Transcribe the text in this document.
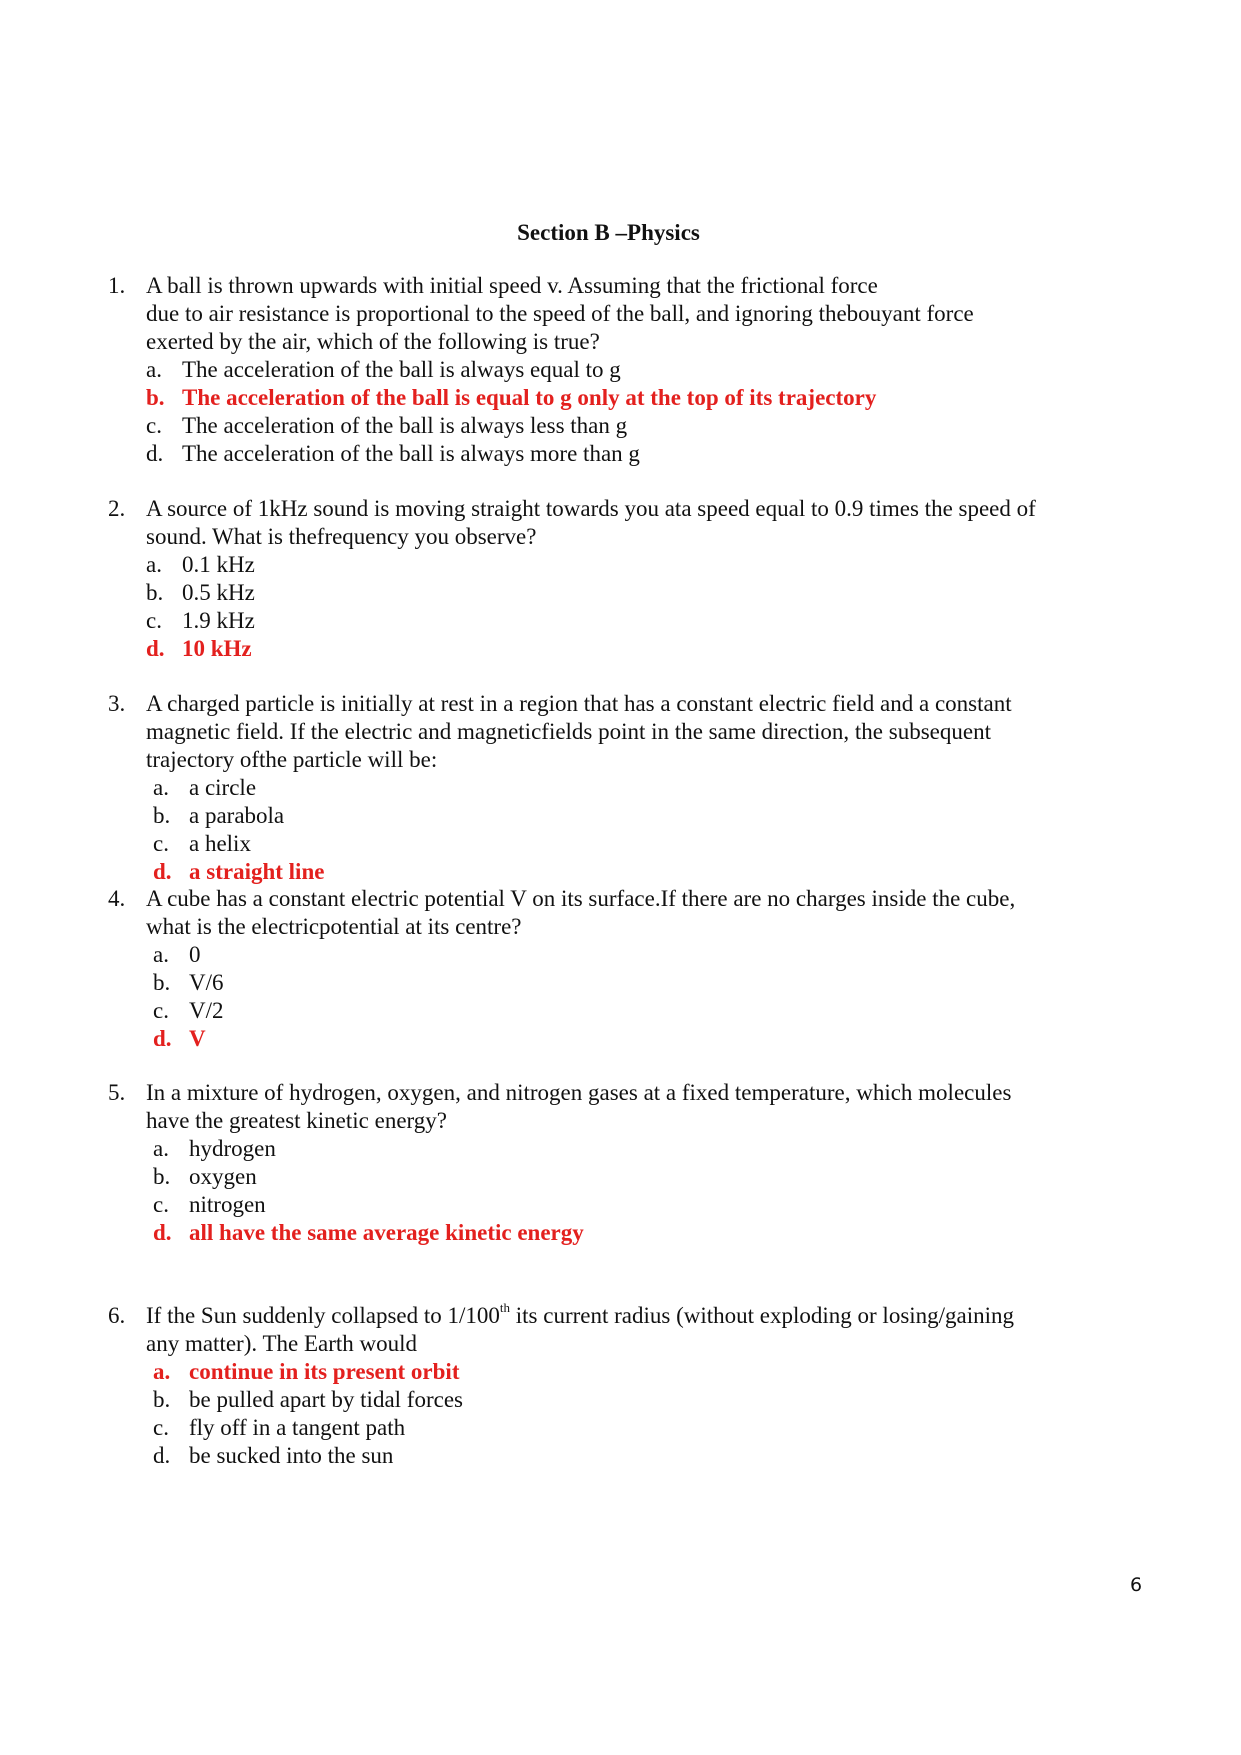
Section B –Physics
1. A ball is thrown upwards with initial speed v. Assuming that the frictional force
due to air resistance is proportional to the speed of the ball, and ignoring thebouyant force
exerted by the air, which of the following is true?
a. The acceleration of the ball is always equal to g
b. The acceleration of the ball is equal to g only at the top of its trajectory
c. The acceleration of the ball is always less than g
d. The acceleration of the ball is always more than g
2. A source of 1kHz sound is moving straight towards you ata speed equal to 0.9 times the speed of
sound. What is thefrequency you observe?
a. 0.1 kHz
b. 0.5 kHz
c. 1.9 kHz
d. 10 kHz
3. A charged particle is initially at rest in a region that has a constant electric field and a constant
magnetic field. If the electric and magneticfields point in the same direction, the subsequent
trajectory ofthe particle will be:
a. a circle
b. a parabola
c. a helix
d. a straight line
4. A cube has a constant electric potential V on its surface.If there are no charges inside the cube,
what is the electricpotential at its centre?
a. 0
b. V/6
c. V/2
d. V
5. In a mixture of hydrogen, oxygen, and nitrogen gases at a fixed temperature, which molecules
have the greatest kinetic energy?
a. hydrogen
b. oxygen
c. nitrogen
d. all have the same average kinetic energy
6. If the Sun suddenly collapsed to 1/100th its current radius (without exploding or losing/gaining
any matter). The Earth would
a. continue in its present orbit
b. be pulled apart by tidal forces
c. fly off in a tangent path
d. be sucked into the sun
6
